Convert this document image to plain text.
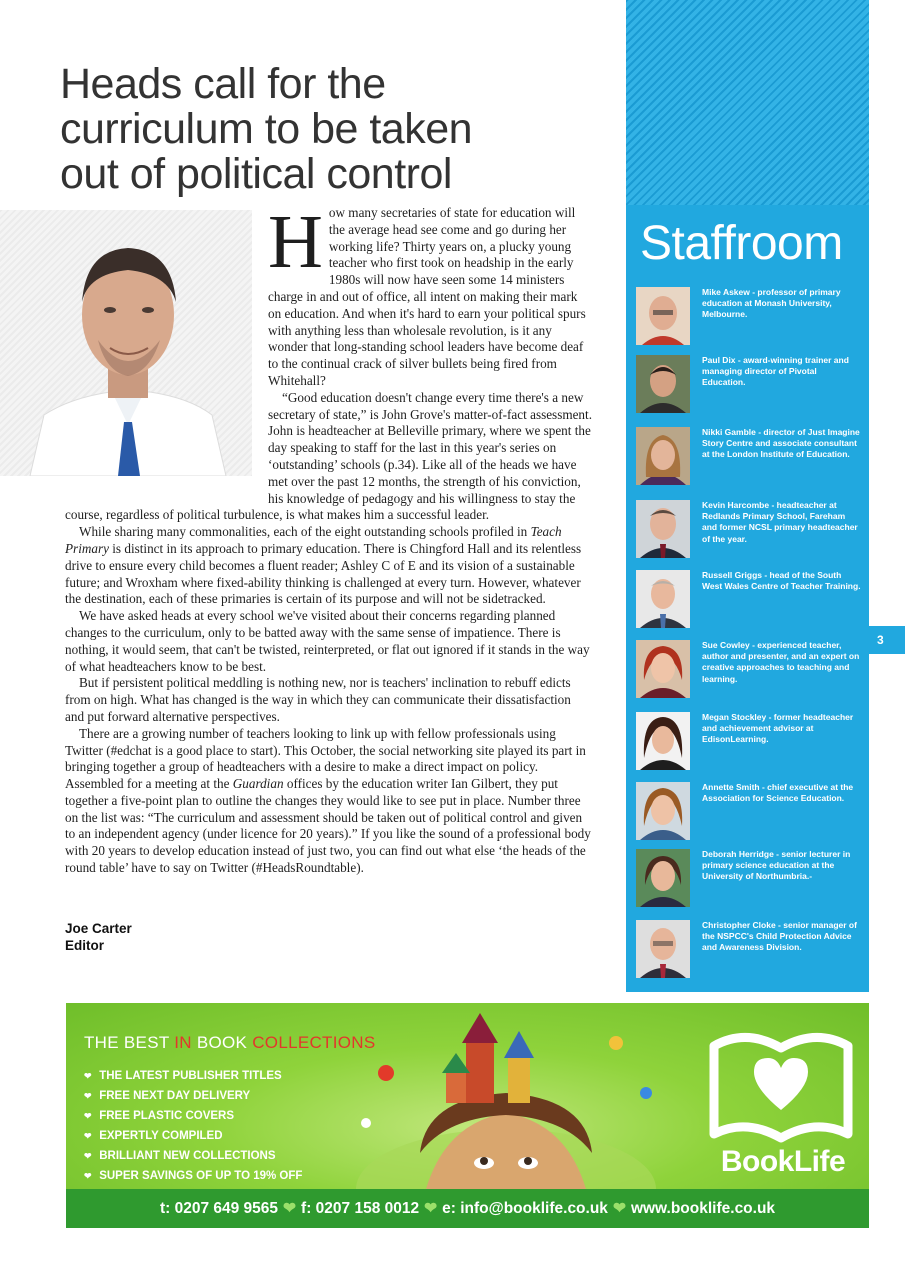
Heads call for the
curriculum to be taken
out of political control

How many secretaries of state for education will the average head see come and go during her working life? Thirty years on, a plucky young teacher who first took on headship in the early 1980s will now have seen some 14 ministers charge in and out of office, all intent on making their mark on education. And when it's hard to earn your political spurs with anything less than wholesale revolution, is it any wonder that long-standing school leaders have become deaf to the continual crack of silver bullets being fired from Whitehall?

“Good education doesn't change every time there's a new secretary of state,” is John Grove's matter-of-fact assessment. John is headteacher at Belleville primary, where we spent the day speaking to staff for the last in this year's series on ‘outstanding’ schools (p.34). Like all of the heads we have met over the past 12 months, the strength of his conviction, his knowledge of pedagogy and his willingness to stay the course, regardless of political turbulence, is what makes him a successful leader.

While sharing many commonalities, each of the eight outstanding schools profiled in Teach Primary is distinct in its approach to primary education. There is Chingford Hall and its relentless drive to ensure every child becomes a fluent reader; Ashley C of E and its vision of a sustainable future; and Wroxham where fixed-ability thinking is challenged at every turn. However, whatever the destination, each of these primaries is certain of its purpose and will not be sidetracked.

We have asked heads at every school we've visited about their concerns regarding planned changes to the curriculum, only to be batted away with the same sense of impatience. There is nothing, it would seem, that can't be twisted, reinterpreted, or flat out ignored if it stands in the way of what headteachers know to be best.

But if persistent political meddling is nothing new, nor is teachers' inclination to rebuff edicts from on high. What has changed is the way in which they can communicate their dissatisfaction and put forward alternative perspectives.

There are a growing number of teachers looking to link up with fellow professionals using Twitter (#edchat is a good place to start). This October, the social networking site played its part in bringing together a group of headteachers with a desire to make a direct impact on policy. Assembled for a meeting at the Guardian offices by the education writer Ian Gilbert, they put together a five-point plan to outline the changes they would like to see put in place. Number three on the list was: “The curriculum and assessment should be taken out of political control and given to an independent agency (under licence for 20 years).” If you like the sound of a professional body with 20 years to develop education instead of just two, you can find out what else ‘the heads of the round table’ have to say on Twitter (#HeadsRoundtable).

Joe Carter
Editor
Staffroom
Mike Askew - professor of primary education at Monash University, Melbourne.
Paul Dix - award-winning trainer and managing director of Pivotal Education.
Nikki Gamble - director of Just Imagine Story Centre and associate consultant at the London Institute of Education.
Kevin Harcombe - headteacher at Redlands Primary School, Fareham and former NCSL primary headteacher of the year.
Russell Griggs - head of the South West Wales Centre of Teacher Training.
Sue Cowley - experienced teacher, author and presenter, and an expert on creative approaches to teaching and learning.
Megan Stockley - former headteacher and achievement advisor at EdisonLearning.
Annette Smith - chief executive at the Association for Science Education.
Deborah Herridge - senior lecturer in primary science education at the University of Northumbria.-
Christopher Cloke - senior manager of the NSPCC's Child Protection Advice and Awareness Division.
3
THE BEST IN BOOK COLLECTIONS
❤ THE LATEST PUBLISHER TITLES
❤ FREE NEXT DAY DELIVERY
❤ FREE PLASTIC COVERS
❤ EXPERTLY COMPILED
❤ BRILLIANT NEW COLLECTIONS
❤ SUPER SAVINGS OF UP TO 19% OFF	BookLife
t: 0207 649 9565 ❤ f: 0207 158 0012 ❤ e: info@booklife.co.uk ❤ www.booklife.co.uk
